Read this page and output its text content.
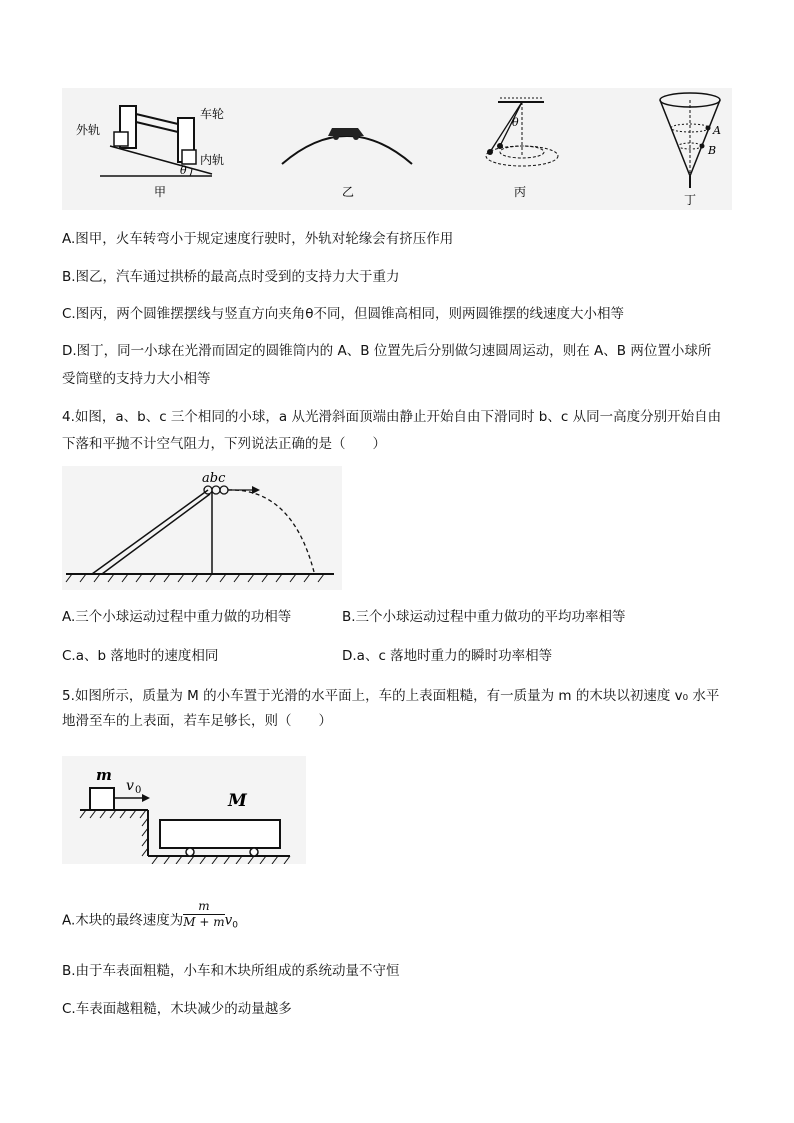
外轨
车轮
内轨
θ
甲	乙
θ
丙
A
B
丁
A.图甲，火车转弯小于规定速度行驶时，外轨对轮缘会有挤压作用
B.图乙，汽车通过拱桥的最高点时受到的支持力大于重力
C.图丙，两个圆锥摆摆线与竖直方向夹角θ不同，但圆锥高相同，则两圆锥摆的线速度大小相等
D.图丁，同一小球在光滑而固定的圆锥筒内的 A、B 位置先后分别做匀速圆周运动，则在 A、B 两位置小球所
受筒壁的支持力大小相等
4.如图，a、b、c 三个相同的小球，a 从光滑斜面顶端由静止开始自由下滑同时 b、c 从同一高度分别开始自由
下落和平抛不计空气阻力，下列说法正确的是（　　）
abc
A.三个小球运动过程中重力做的功相等	B.三个小球运动过程中重力做功的平均功率相等
C.a、b 落地时的速度相同	D.a、c 落地时重力的瞬时功率相等
5.如图所示，质量为 M 的小车置于光滑的水平面上，车的上表面粗糙，有一质量为 m 的木块以初速度 v₀ 水平
地滑至车的上表面，若车足够长，则（　　）
m
v 0
M
A.木块的最终速度为 $\frac{m}{M + m} v_0$
B.由于车表面粗糙，小车和木块所组成的系统动量不守恒
C.车表面越粗糙，木块减少的动量越多
